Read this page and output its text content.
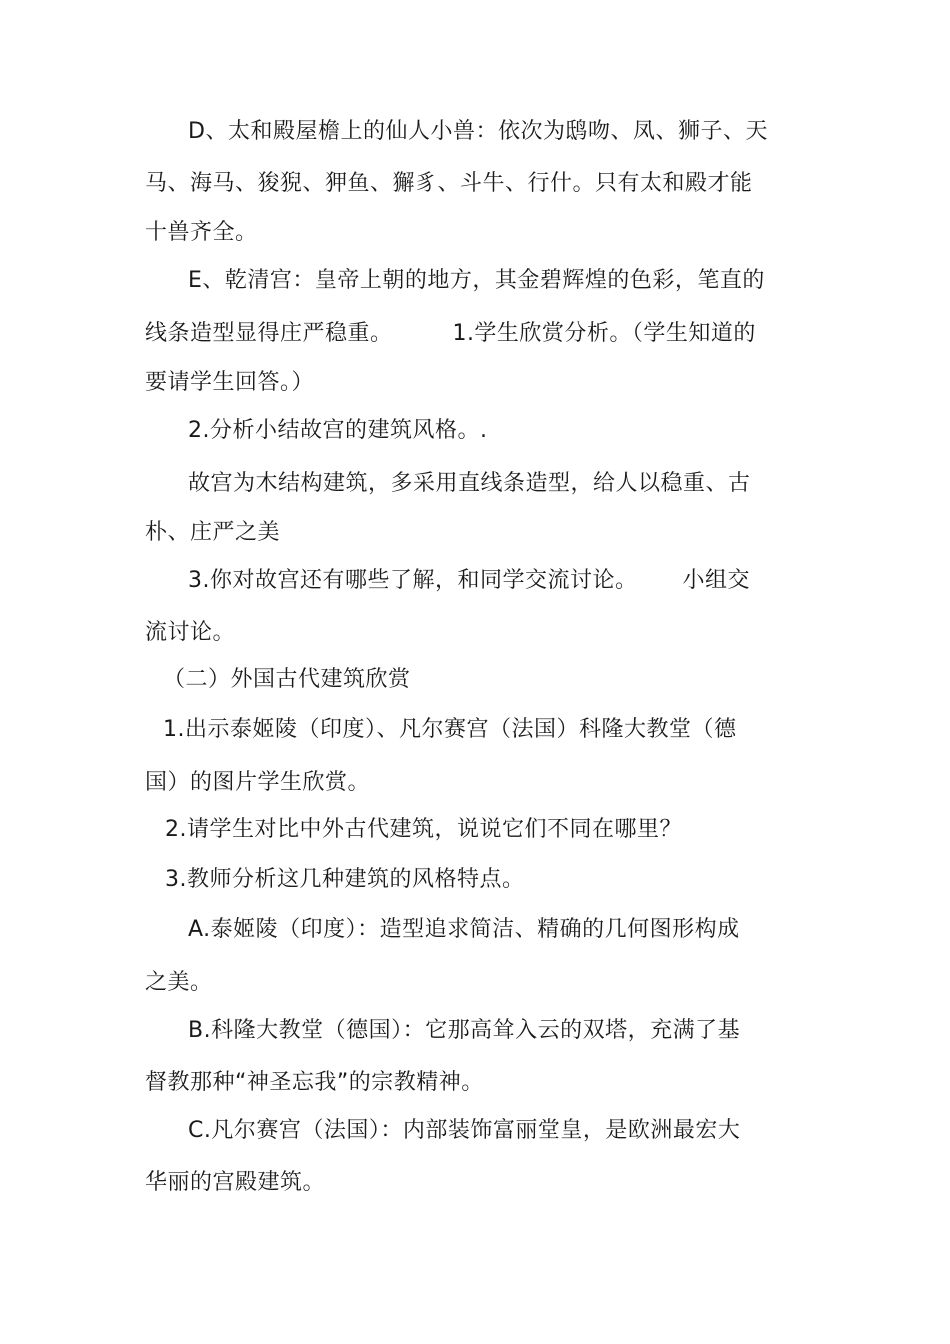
D、太和殿屋檐上的仙人小兽：依次为鸱吻、凤、狮子、天

马、海马、狻猊、狎鱼、獬豸、斗牛、行什。只有太和殿才能

十兽齐全。

E、乾清宫：皇帝上朝的地方，其金碧辉煌的色彩，笔直的

线条造型显得庄严稳重。        1.学生欣赏分析。（学生知道的

要请学生回答。）

2.分析小结故宫的建筑风格。.

故宫为木结构建筑，多采用直线条造型，给人以稳重、古

朴、庄严之美

3.你对故宫还有哪些了解，和同学交流讨论。      小组交

流讨论。

（二）外国古代建筑欣赏

1.出示泰姬陵（印度）、凡尔赛宫（法国）科隆大教堂（德

国）的图片学生欣赏。

2.请学生对比中外古代建筑，说说它们不同在哪里？

3.教师分析这几种建筑的风格特点。

A.泰姬陵（印度）：造型追求简洁、精确的几何图形构成

之美。

B.科隆大教堂（德国）：它那高耸入云的双塔，充满了基

督教那种“神圣忘我”的宗教精神。

C.凡尔赛宫（法国）：内部装饰富丽堂皇，是欧洲最宏大

华丽的宫殿建筑。
